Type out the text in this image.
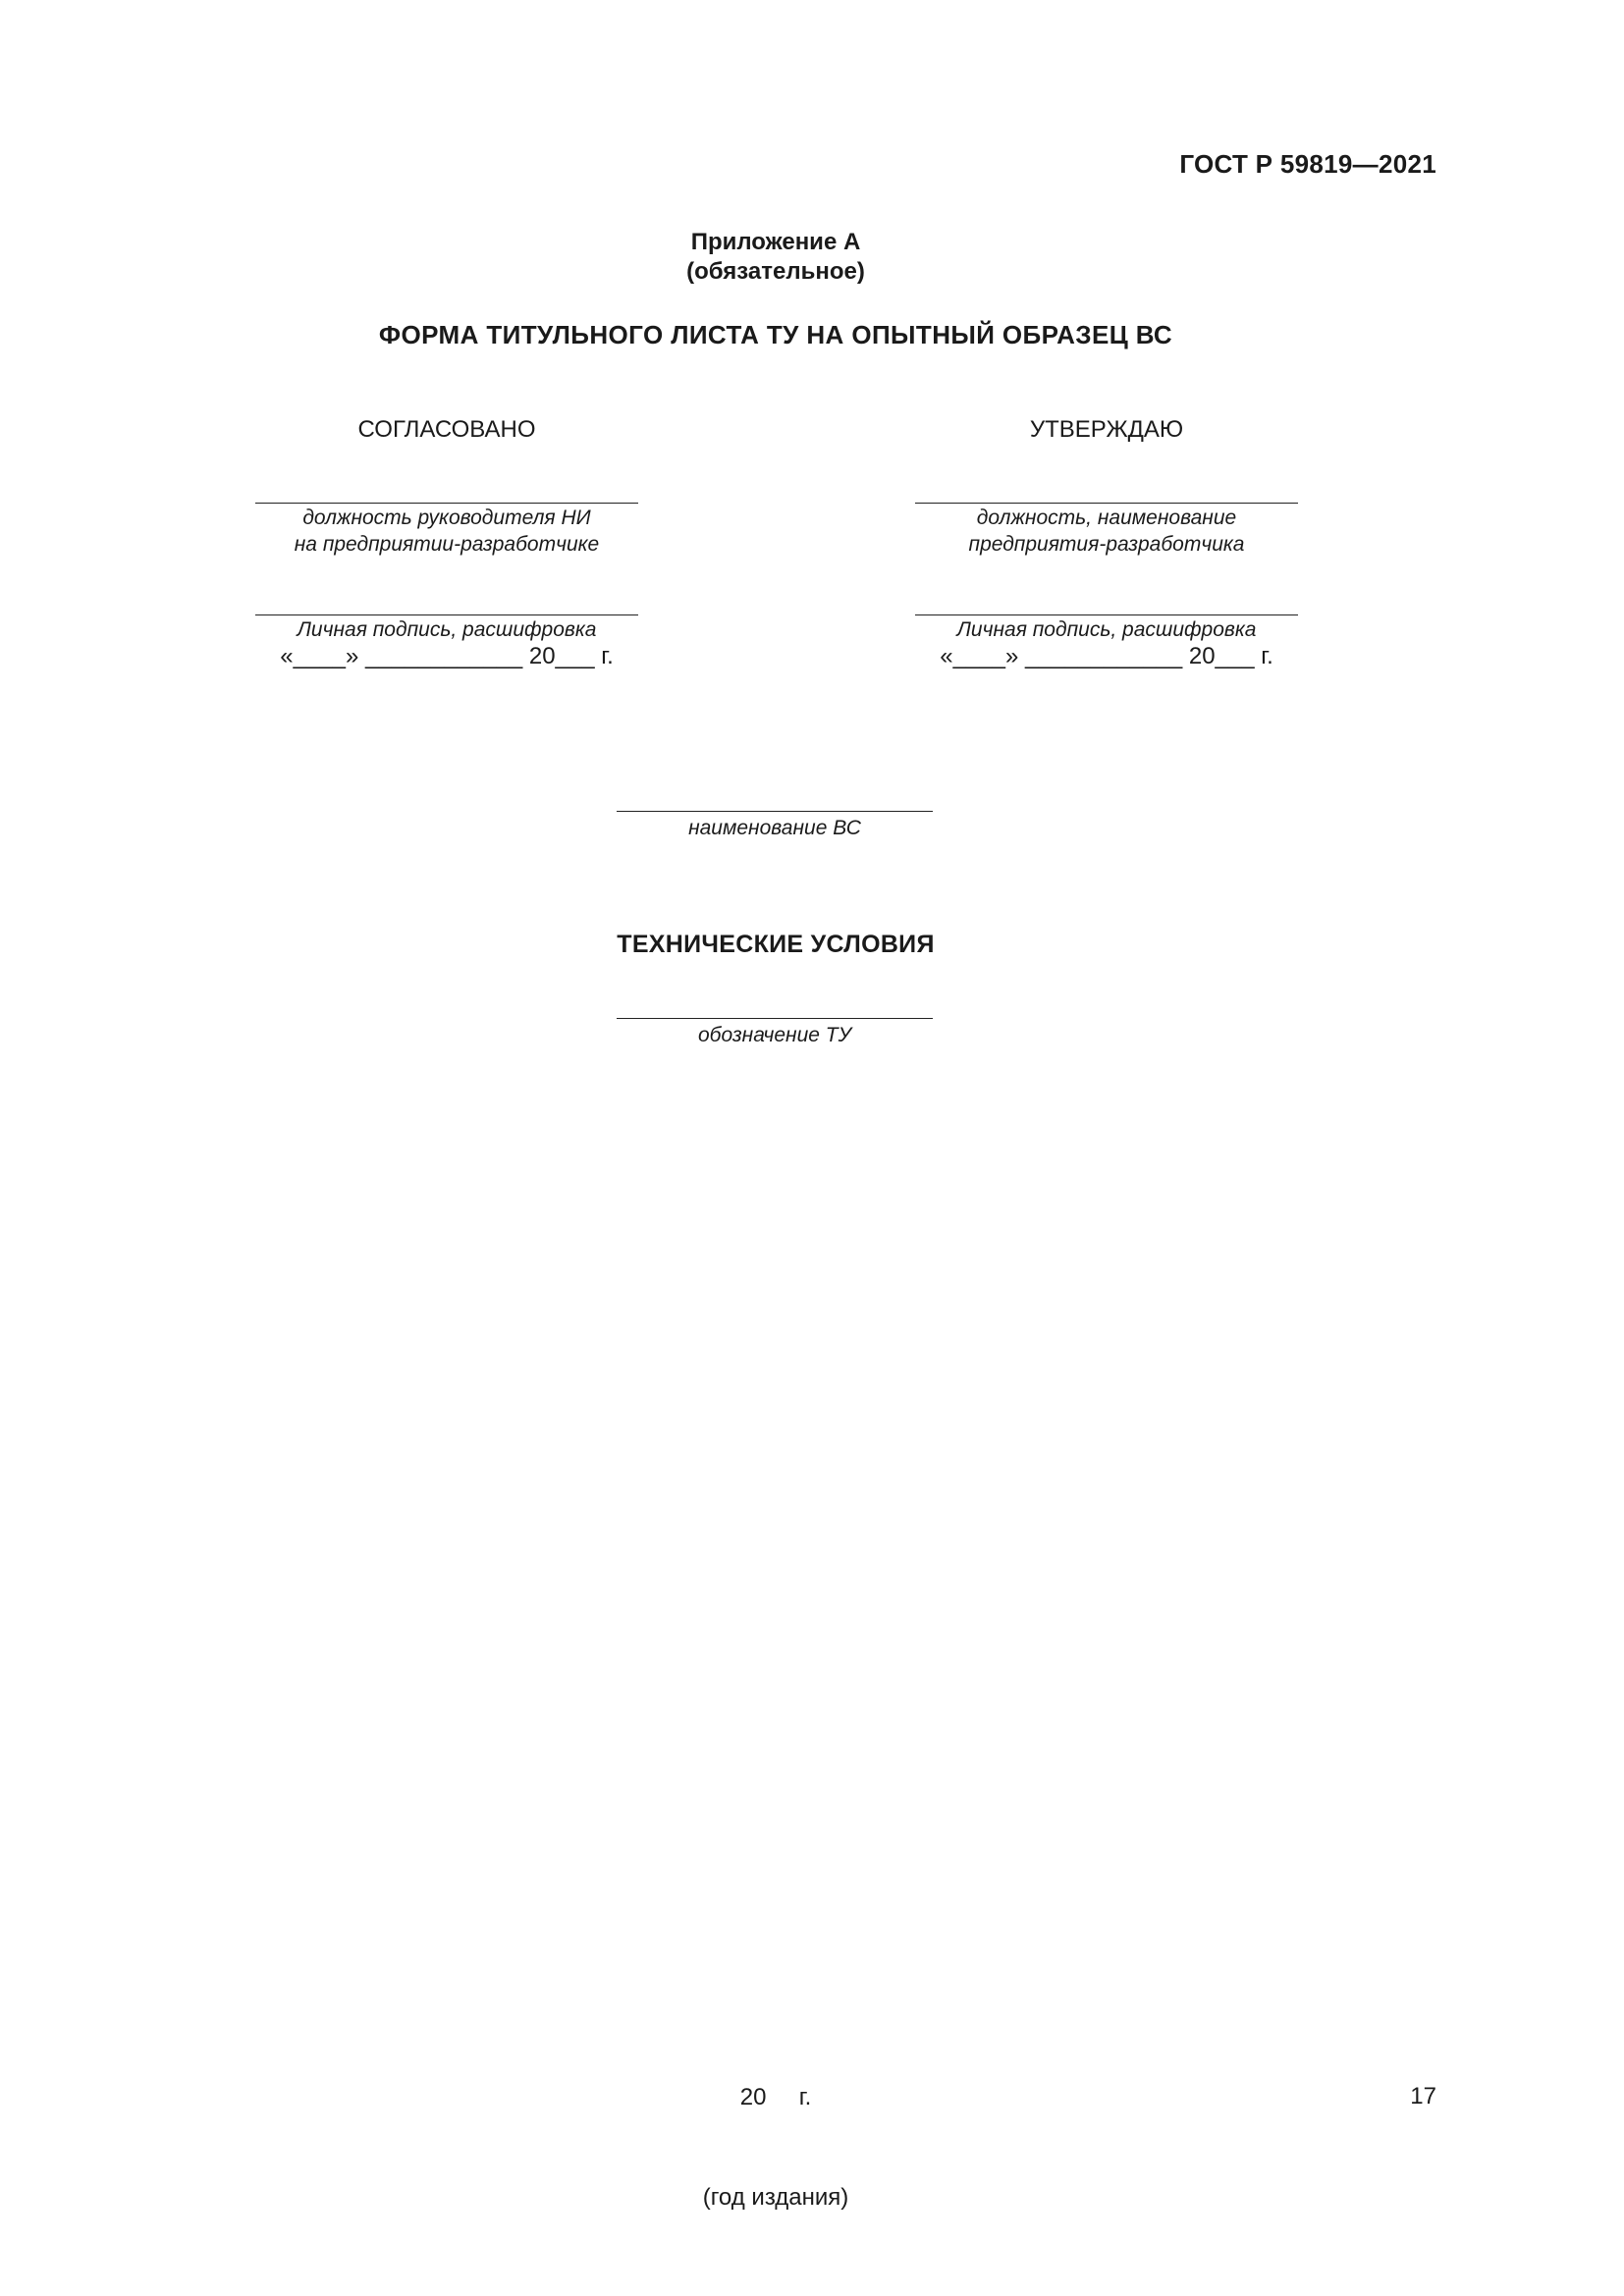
ГОСТ Р 59819—2021
Приложение А
(обязательное)
ФОРМА ТИТУЛЬНОГО ЛИСТА ТУ НА ОПЫТНЫЙ ОБРАЗЕЦ ВС
СОГЛАСОВАНО
должность руководителя НИ
на предприятии-разработчике
Личная подпись, расшифровка
«____» ____________ 20___ г.
УТВЕРЖДАЮ
должность, наименование
предприятия-разработчика
Личная подпись, расшифровка
«____» ____________ 20___ г.
наименование ВС
ТЕХНИЧЕСКИЕ УСЛОВИЯ
обозначение ТУ

20     г.

(год издания)

17
